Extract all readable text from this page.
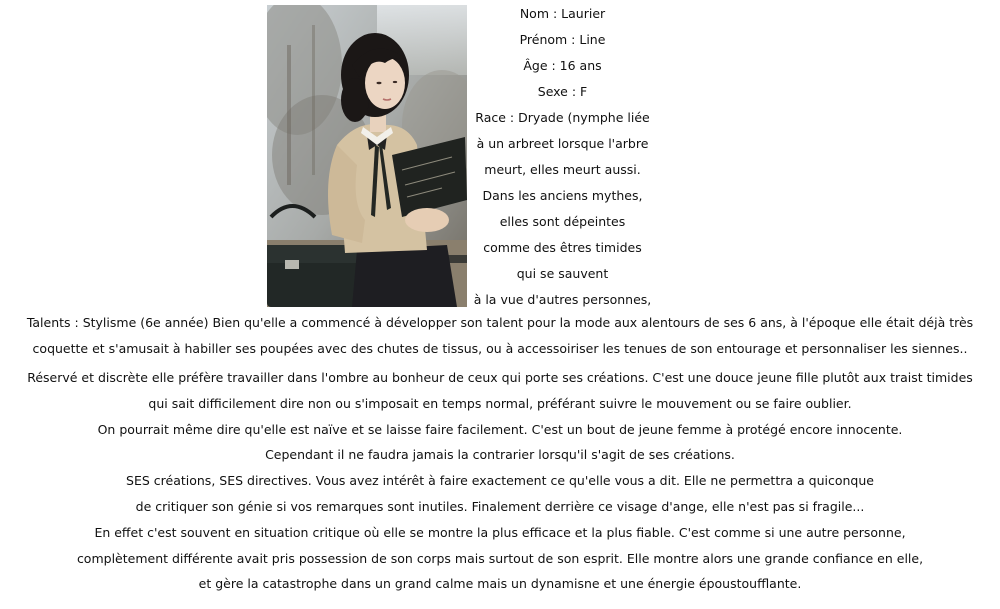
Nom : Laurier
Prénom : Line
Âge : 16 ans
Sexe : F
Race : Dryade (nymphe liée
à un arbreet lorsque l'arbre
meurt, elles meurt aussi.
Dans les anciens mythes,
elles sont dépeintes
comme des êtres timides
qui se sauvent
à la vue d'autres personnes,
Talents : Stylisme (6e année) Bien qu'elle a commencé à développer son talent pour la mode aux alentours de ses 6 ans, à l'époque elle était déjà très
coquette et s'amusait à habiller ses poupées avec des chutes de tissus, ou à accessoiriser les tenues de son entourage et personnaliser les siennes..
Réservé et discrète elle préfère travailler dans l'ombre au bonheur de ceux qui porte ses créations. C'est une douce jeune fille plutôt aux traist timides
qui sait difficilement dire non ou s'imposait en temps normal, préférant suivre le mouvement ou se faire oublier.
On pourrait même dire qu'elle est naïve et se laisse faire facilement. C'est un bout de jeune femme à protégé encore innocente.
Cependant il ne faudra jamais la contrarier lorsqu'il s'agit de ses créations.
SES créations, SES directives. Vous avez intérêt à faire exactement ce qu'elle vous a dit. Elle ne permettra a quiconque
de critiquer son génie si vos remarques sont inutiles. Finalement derrière ce visage d'ange, elle n'est pas si fragile...
En effet c'est souvent en situation critique où elle se montre la plus efficace et la plus fiable. C'est comme si une autre personne,
complètement différente avait pris possession de son corps mais surtout de son esprit. Elle montre alors une grande confiance en elle,
et gère la catastrophe dans un grand calme mais un dynamisne et une énergie époustoufflante.
